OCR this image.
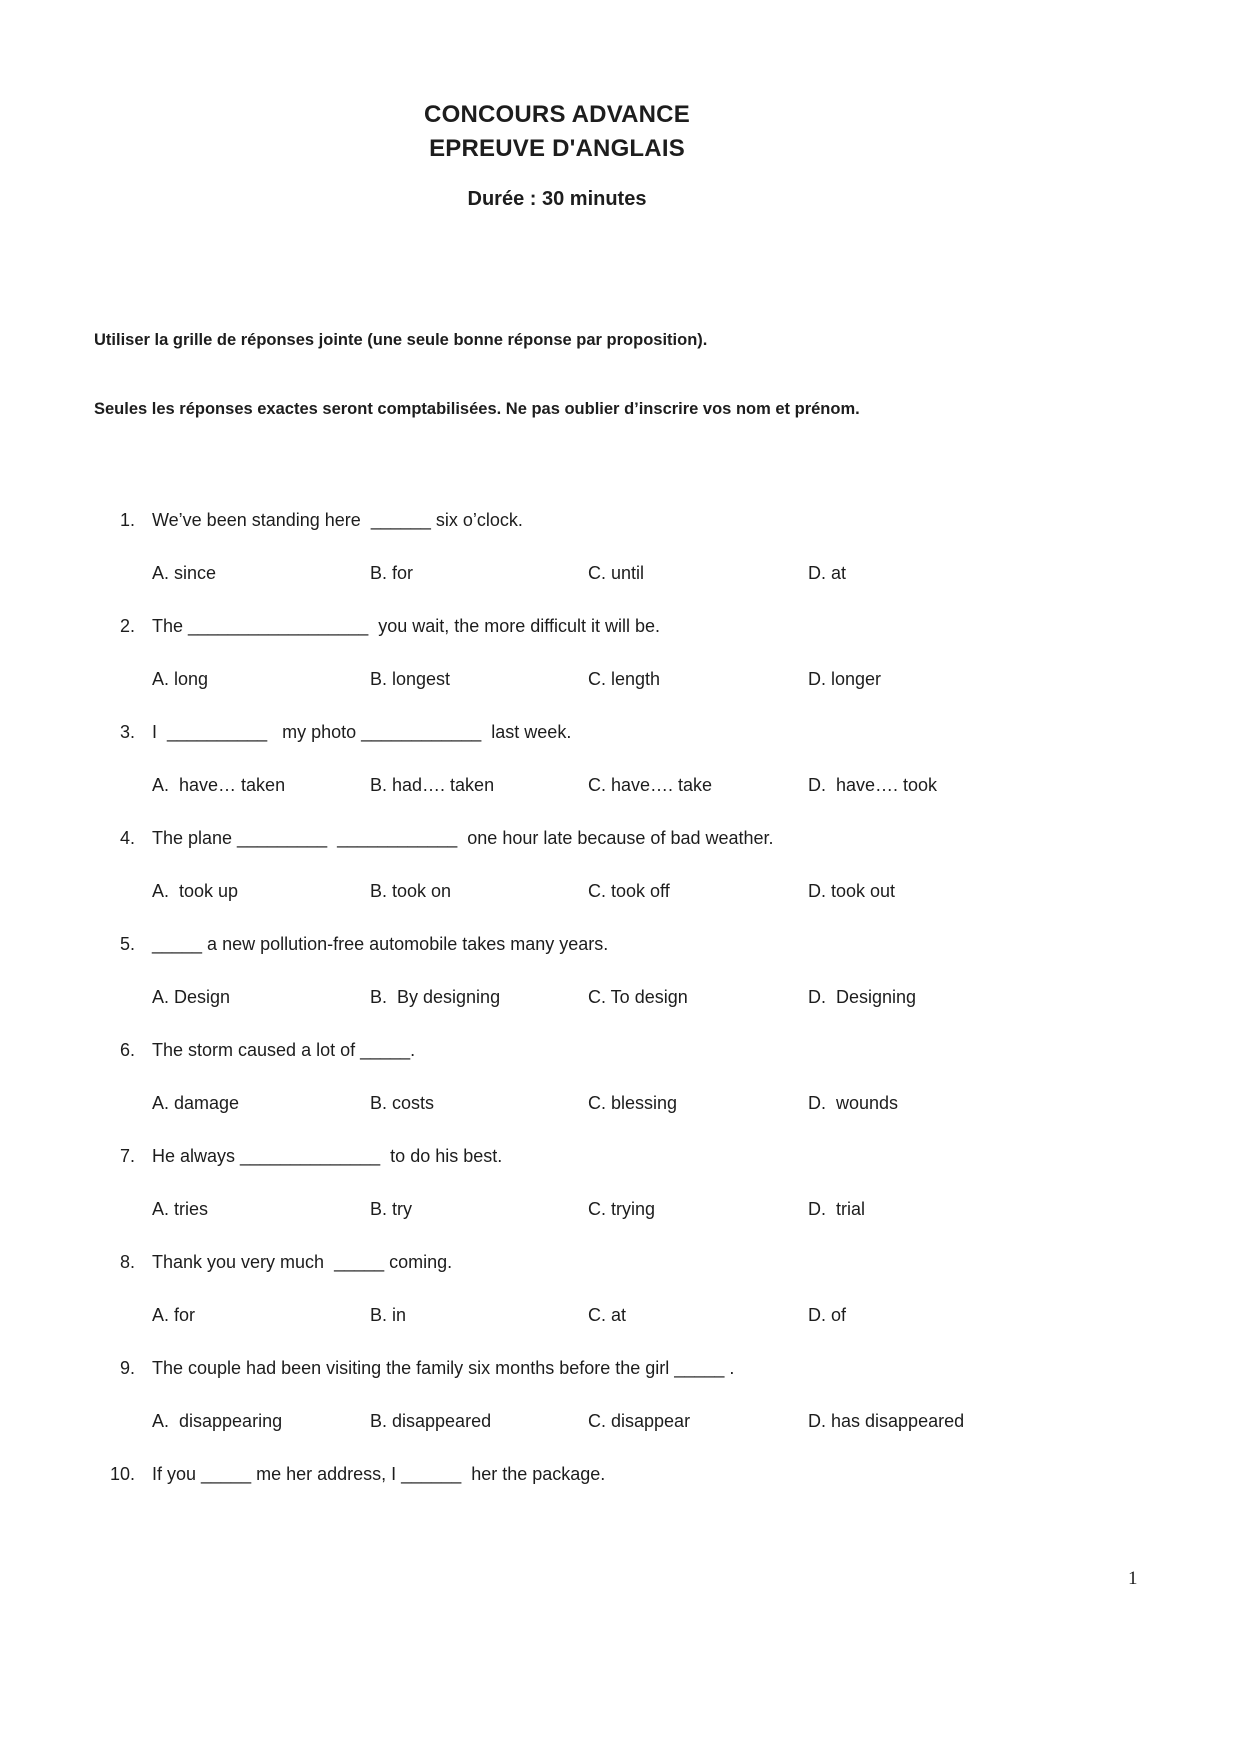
CONCOURS ADVANCE
EPREUVE D'ANGLAIS
Durée : 30 minutes

Utiliser la grille de réponses jointe (une seule bonne réponse par proposition).

Seules les réponses exactes seront comptabilisées. Ne pas oublier d’inscrire vos nom et prénom.

1. We’ve been standing here  ______ six o’clock.
A. since	B. for	C. until	D. at
2. The __________________  you wait, the more difficult it will be.
A. long	B. longest	C. length	D. longer
3. I  __________   my photo ____________  last week.
A.  have… taken	B. had…. taken	C. have…. take	D.  have…. took
4. The plane _________  ____________  one hour late because of bad weather.
A.  took up	B. took on	C. took off	D. took out
5. _____ a new pollution-free automobile takes many years.
A. Design	B.  By designing	C. To design	D.  Designing
6. The storm caused a lot of _____.
A. damage	B. costs	C. blessing	D.  wounds
7. He always ______________  to do his best.
A. tries	B. try	C. trying	D.  trial
8. Thank you very much  _____ coming.
A. for	B. in	C. at	D. of
9. The couple had been visiting the family six months before the girl _____ .
A.  disappearing	B. disappeared	C. disappear	D. has disappeared
10. If you _____ me her address, I ______  her the package.
1
